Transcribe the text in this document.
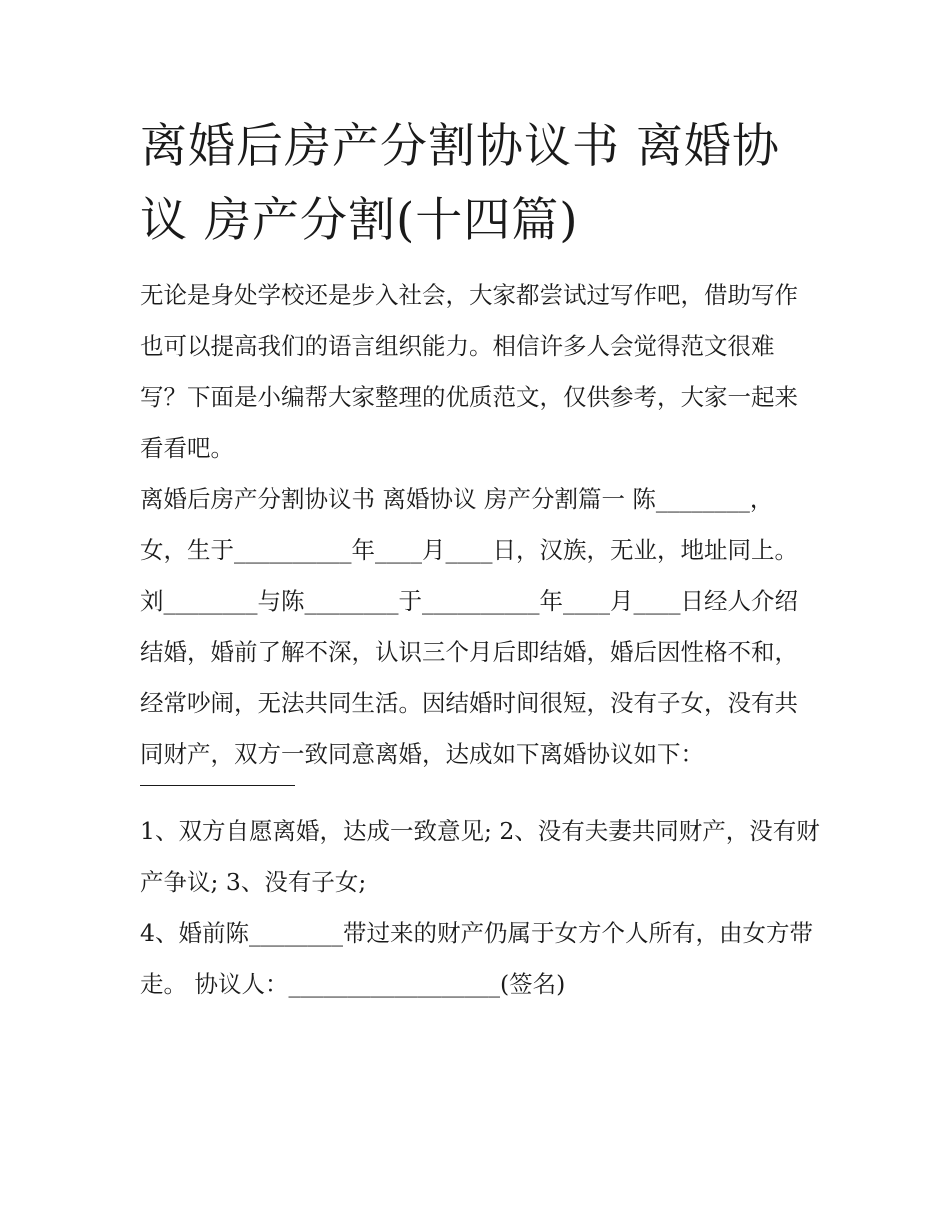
离婚后房产分割协议书 离婚协议 房产分割(十四篇)

无论是身处学校还是步入社会，大家都尝试过写作吧，借助写作也可以提高我们的语言组织能力。相信许多人会觉得范文很难写？下面是小编帮大家整理的优质范文，仅供参考，大家一起来看看吧。

离婚后房产分割协议书 离婚协议 房产分割篇一 陈________，女，生于__________年____月____日，汉族，无业，地址同上。

刘________与陈________于__________年____月____日经人介绍结婚，婚前了解不深，认识三个月后即结婚，婚后因性格不和，经常吵闹，无法共同生活。因结婚时间很短，没有子女，没有共同财产，双方一致同意离婚，达成如下离婚协议如下：

1、双方自愿离婚，达成一致意见; 2、没有夫妻共同财产，没有财产争议; 3、没有子女;

4、婚前陈________带过来的财产仍属于女方个人所有，由女方带走。 协议人：__________________(签名)
